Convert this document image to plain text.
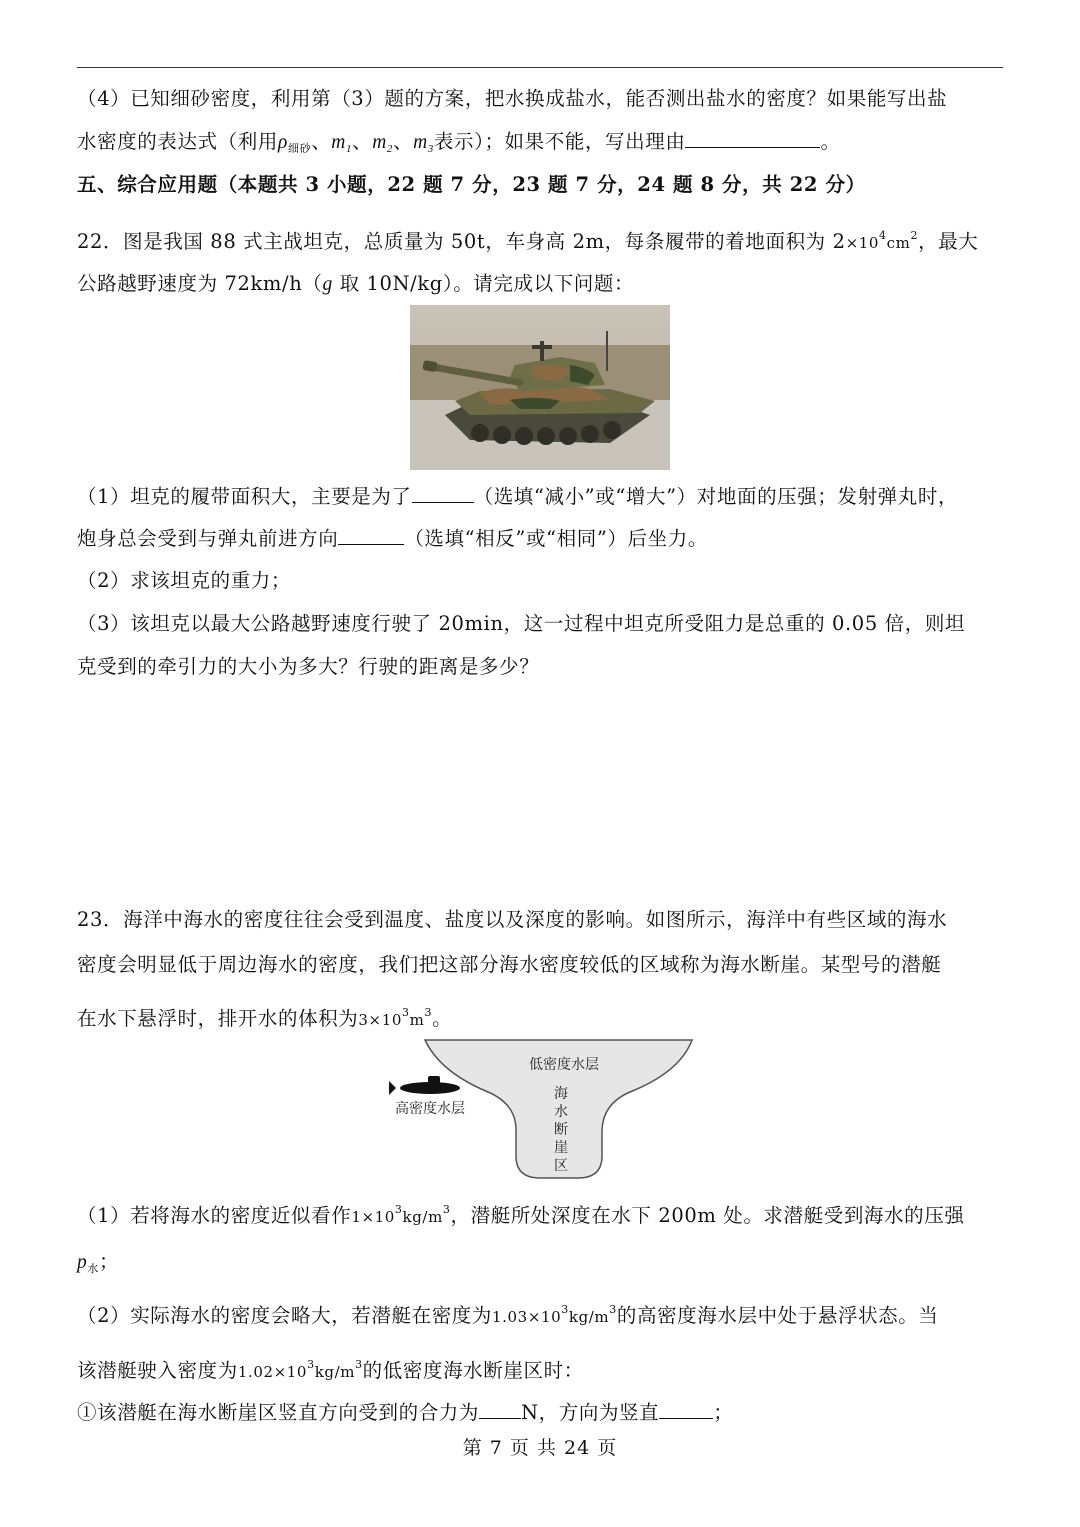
（4）已知细砂密度，利用第（3）题的方案，把水换成盐水，能否测出盐水的密度？如果能写出盐
水密度的表达式（利用$\rho_{细砂}$、$m_1$、$m_2$、$m_3$表示）；如果不能，写出理由	。
五、综合应用题（本题共 3 小题，22 题 7 分，23 题 7 分，24 题 8 分，共 22 分）
22．图是我国 88 式主战坦克，总质量为 50t，车身高 2m，每条履带的着地面积为 $2\times 10^4cm^2$，最大
公路越野速度为 72km/h（g 取 10N/kg）。请完成以下问题：
（1）坦克的履带面积大，主要是为了	（选填“减小”或“增大”）对地面的压强；发射弹丸时，
炮身总会受到与弹丸前进方向	（选填“相反”或“相同”）后坐力。
（2）求该坦克的重力；
（3）该坦克以最大公路越野速度行驶了 20min，这一过程中坦克所受阻力是总重的 0.05 倍，则坦
克受到的牵引力的大小为多大？行驶的距离是多少？
23．海洋中海水的密度往往会受到温度、盐度以及深度的影响。如图所示，海洋中有些区域的海水
密度会明显低于周边海水的密度，我们把这部分海水密度较低的区域称为海水断崖。某型号的潜艇
在水下悬浮时，排开水的体积为$3\times 10^3m^3$。
低密度水层
海
水
断
崖
区
高密度水层
（1）若将海水的密度近似看作$1\times 10^3kg/m^3$，潜艇所处深度在水下 200m 处。求潜艇受到海水的压强
$p_水$；
（2）实际海水的密度会略大，若潜艇在密度为$1.03\times 10^3kg/m^3$的高密度海水层中处于悬浮状态。当
该潜艇驶入密度为$1.02\times 10^3kg/m^3$的低密度海水断崖区时：
①该潜艇在海水断崖区竖直方向受到的合力为 N，方向为竖直	；
第 7 页 共 24 页
